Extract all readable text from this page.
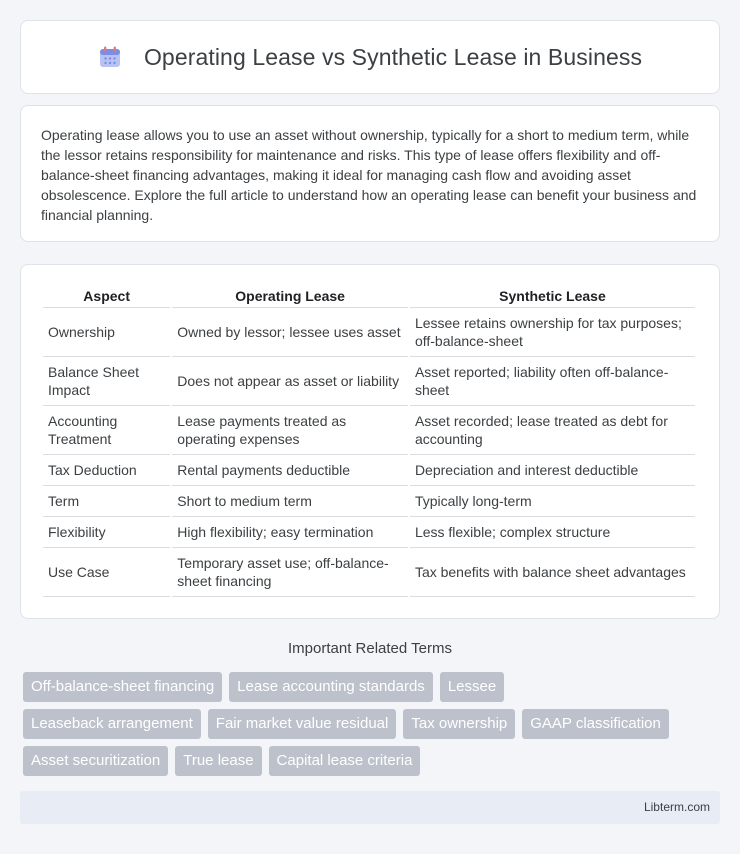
Operating Lease vs Synthetic Lease in Business

Operating lease allows you to use an asset without ownership, typically for a short to medium term, while the lessor retains responsibility for maintenance and risks. This type of lease offers flexibility and off-balance-sheet financing advantages, making it ideal for managing cash flow and avoiding asset obsolescence. Explore the full article to understand how an operating lease can benefit your business and financial planning.

Aspect	Operating Lease	Synthetic Lease
Ownership	Owned by lessor; lessee uses asset	Lessee retains ownership for tax purposes; off-balance-sheet
Balance Sheet Impact	Does not appear as asset or liability	Asset reported; liability often off-balance-sheet
Accounting Treatment	Lease payments treated as operating expenses	Asset recorded; lease treated as debt for accounting
Tax Deduction	Rental payments deductible	Depreciation and interest deductible
Term	Short to medium term	Typically long-term
Flexibility	High flexibility; easy termination	Less flexible; complex structure
Use Case	Temporary asset use; off-balance-sheet financing	Tax benefits with balance sheet advantages
Important Related Terms
Off-balance-sheet financing	Lease accounting standards	Lessee
Leaseback arrangement	Fair market value residual	Tax ownership	GAAP classification
Asset securitization	True lease	Capital lease criteria
Libterm.com
